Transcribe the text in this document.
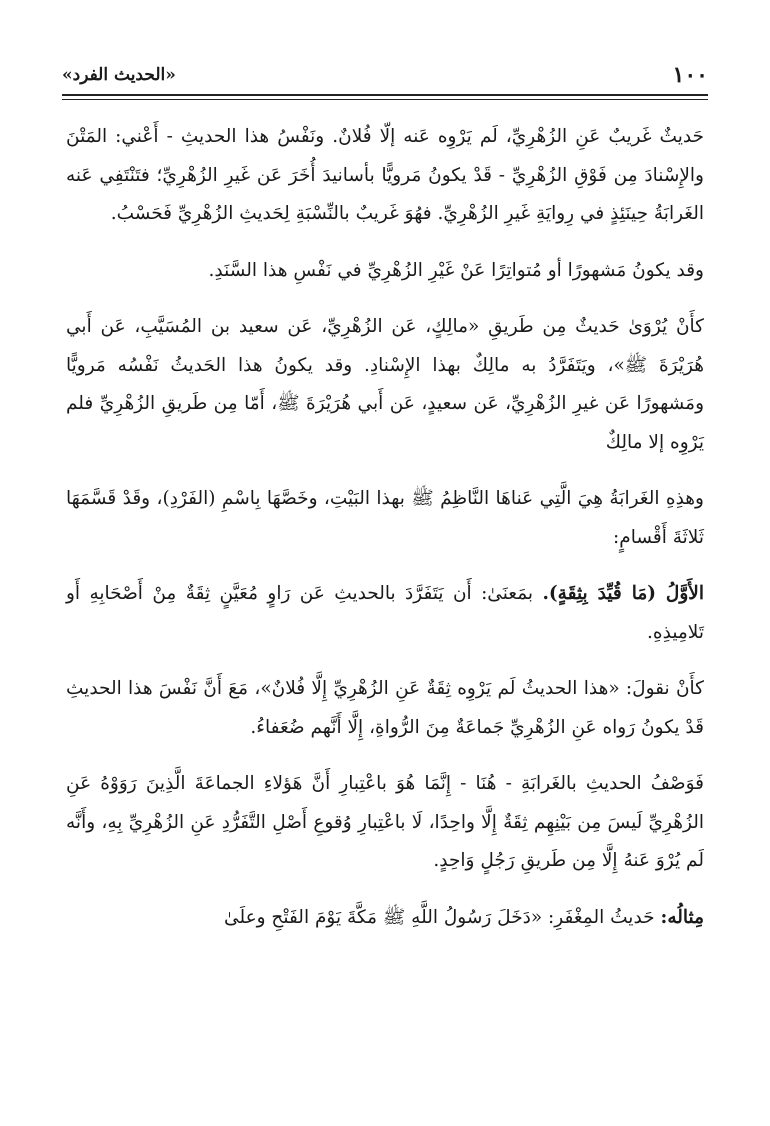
١٠٠
«الحديث الفرد»

حَديثٌ غَريبٌ عَنِ الزُهْرِيِّ، لَم يَرْوِه عَنه إلّا فُلانٌ. ونَفْسُ هذا الحديثِ - أَعْني: المَتْنَ والإِسْنادَ مِن فَوْقِ الزُهْرِيِّ - قَدْ يكونُ مَرويًّا بأسانيدَ أُخَرَ عَن غَيرِ الزُهْرِيِّ؛ فتَنْتَفِي عَنه الغَرابَةُ حِينَئِذٍ في رِوايَةِ غَيرِ الزُهْرِيِّ. فهُوَ غَريبٌ بالنِّسْبَةِ لِحَديثِ الزُهْرِيِّ فَحَسْبُ.

وقد يكونُ مَشهورًا أو مُتواتِرًا عَنْ غَيْرِ الزُهْرِيِّ في نَفْسِ هذا السَّنَدِ.

كأَنْ يُرْوَىٰ حَديثٌ مِن طَريقِ «مالِكٍ، عَن الزُهْرِيِّ، عَن سعيد بن المُسَيَّبِ، عَن أَبي هُرَيْرَةَ ﷺ»، ويَتَفَرَّدُ به مالِكٌ بهذا الإِسْنادِ. وقد يكونُ هذا الحَديثُ نَفْسُه مَرويًّا ومَشهورًا عَن غيرِ الزُهْرِيِّ، عَن سعيدٍ، عَن أَبي هُرَيْرَةَ ﷺ، أَمّا مِن طَريقِ الزُهْرِيِّ فلم يَرْوِه إلا مالِكٌ

وهذِهِ الغَرابَةُ هِيَ الَّتِي عَناهَا النَّاظِمُ ﷺ بهذا البَيْتِ، وخَصَّهَا بِاسْمِ (الفَرْدِ)، وقَدْ قَسَّمَهَا ثَلاثَةَ أَقْسامٍ:

الأَوَّلُ (مَا قُيِّدَ بِثِقَةٍ). بمَعنَىٰ: أَن يَتَفَرَّدَ بالحديثِ عَن رَاوٍ مُعَيَّنٍ ثِقَةٌ مِنْ أَصْحَابِهِ أَو تَلامِيذِهِ.

كأَنْ نقولَ: «هذا الحديثُ لَم يَرْوِه ثِقَةٌ عَنِ الزُهْرِيِّ إِلَّا فُلانٌ»، مَعَ أَنَّ نَفْسَ هذا الحديثِ قَدْ يكونُ رَواه عَنِ الزُهْرِيِّ جَماعَةٌ مِنَ الرُّواةِ، إِلَّا أَنَّهم ضُعَفاءُ.

فَوَصْفُ الحديثِ بالغَرابَةِ - هُنَا - إِنَّمَا هُوَ باعْتِبارِ أَنَّ هَؤلاءِ الجماعَةَ الَّذِينَ رَوَوْهُ عَنِ الزُهْرِيِّ لَيسَ مِن بَيْنِهِم ثِقَةٌ إِلَّا واحِدًا، لَا باعْتِبارِ وُقوعِ أَصْلِ التَّفَرُّدِ عَنِ الزُهْرِيِّ بِهِ، وأَنَّه لَم يُرْوَ عَنهُ إِلَّا مِن طَريقِ رَجُلٍ وَاحِدٍ.

مِثالُه: حَديثُ المِغْفَرِ: «دَخَلَ رَسُولُ اللَّهِ ﷺ مَكَّةَ يَوْمَ الفَتْحِ وعلَىٰ
